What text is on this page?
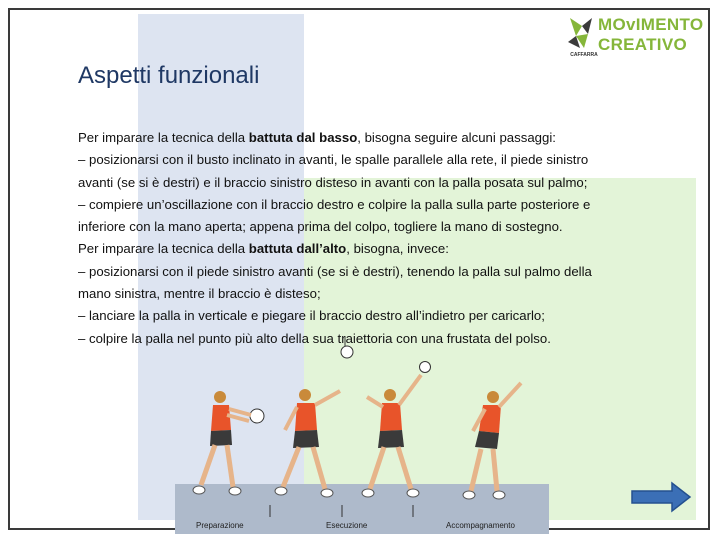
CAFFARRA
MOvIMENTO
CREATIVO
Aspetti funzionali

Per imparare la tecnica della battuta dal basso, bisogna seguire alcuni passaggi:

– posizionarsi con il busto inclinato in avanti, le spalle parallele alla rete, il piede sinistro

avanti (se si è destri) e il braccio sinistro disteso in avanti con la palla posata sul palmo;

– compiere un’oscillazione con il braccio destro e colpire la palla sulla parte posteriore e

inferiore con la mano aperta; appena prima del colpo, togliere la mano di sostegno.

Per imparare la tecnica della battuta dall’alto, bisogna, invece:

– posizionarsi con il piede sinistro avanti (se si è destri), tenendo la palla sul palmo della

mano sinistra, mentre il braccio è disteso;

– lanciare la palla in verticale e piegare il braccio destro all’indietro per caricarlo;

– colpire la palla nel punto più alto della sua traiettoria con una frustata del polso.

Preparazione	Esecuzione	Accompagnamento
